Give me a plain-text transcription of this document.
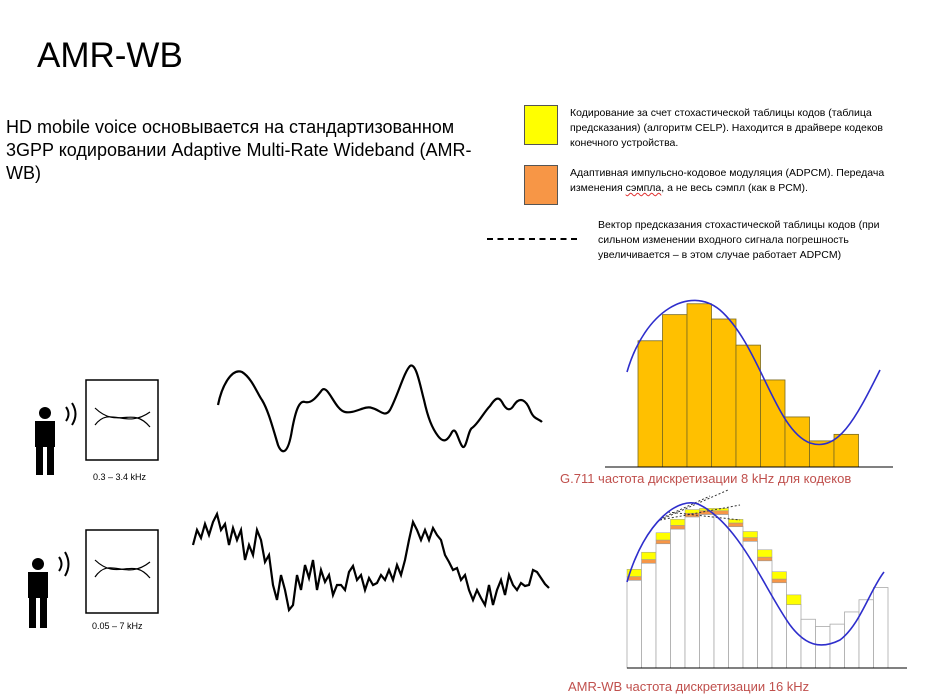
AMR-WB
HD mobile voice основывается на стандартизованном 3GPP кодировании Adaptive Multi-Rate Wideband (AMR-WB)
Кодирование за счет стохастической таблицы кодов (таблица предсказания) (алгоритм CELP). Находится в драйвере кодеков конечного устройства.
Адаптивная импульсно-кодовое модуляция (ADPCM). Передача изменения сэмпла, а не весь сэмпл (как в PCM).
Вектор предсказания стохастической таблицы кодов (при сильном изменении входного сигнала погрешность увеличивается – в этом случае работает ADPCM)
0.3 – 3.4 kHz
0.05 – 7 kHz
G.711 частота дискретизации 8 kHz для кодеков
AMR-WB частота дискретизации 16 kHz
